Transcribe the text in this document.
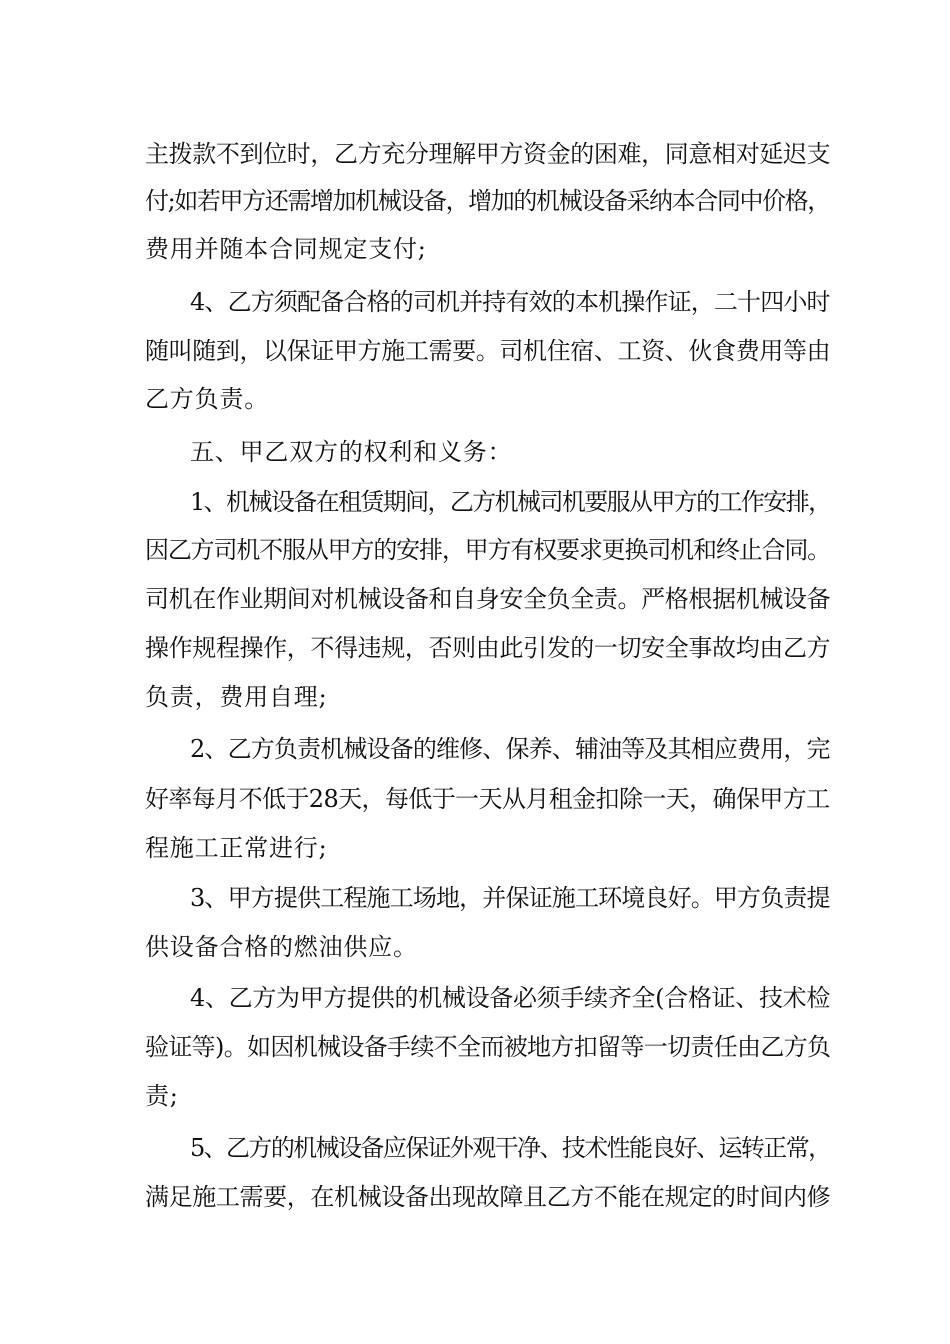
主拨款不到位时，乙方充分理解甲方资金的困难，同意相对延迟支
付;如若甲方还需增加机械设备，增加的机械设备采纳本合同中价格，
费用并随本合同规定支付;
4、乙方须配备合格的司机并持有效的本机操作证，二十四小时
随叫随到，以保证甲方施工需要。司机住宿、工资、伙食费用等由
乙方负责。
五、甲乙双方的权利和义务：
1、机械设备在租赁期间，乙方机械司机要服从甲方的工作安排，
因乙方司机不服从甲方的安排，甲方有权要求更换司机和终止合同。
司机在作业期间对机械设备和自身安全负全责。严格根据机械设备
操作规程操作，不得违规，否则由此引发的一切安全事故均由乙方
负责，费用自理;
2、乙方负责机械设备的维修、保养、辅油等及其相应费用，完
好率每月不低于28天，每低于一天从月租金扣除一天，确保甲方工
程施工正常进行;
3、甲方提供工程施工场地，并保证施工环境良好。甲方负责提
供设备合格的燃油供应。
4、乙方为甲方提供的机械设备必须手续齐全(合格证、技术检
验证等)。如因机械设备手续不全而被地方扣留等一切责任由乙方负
责;
5、乙方的机械设备应保证外观干净、技术性能良好、运转正常，
满足施工需要，在机械设备出现故障且乙方不能在规定的时间内修
